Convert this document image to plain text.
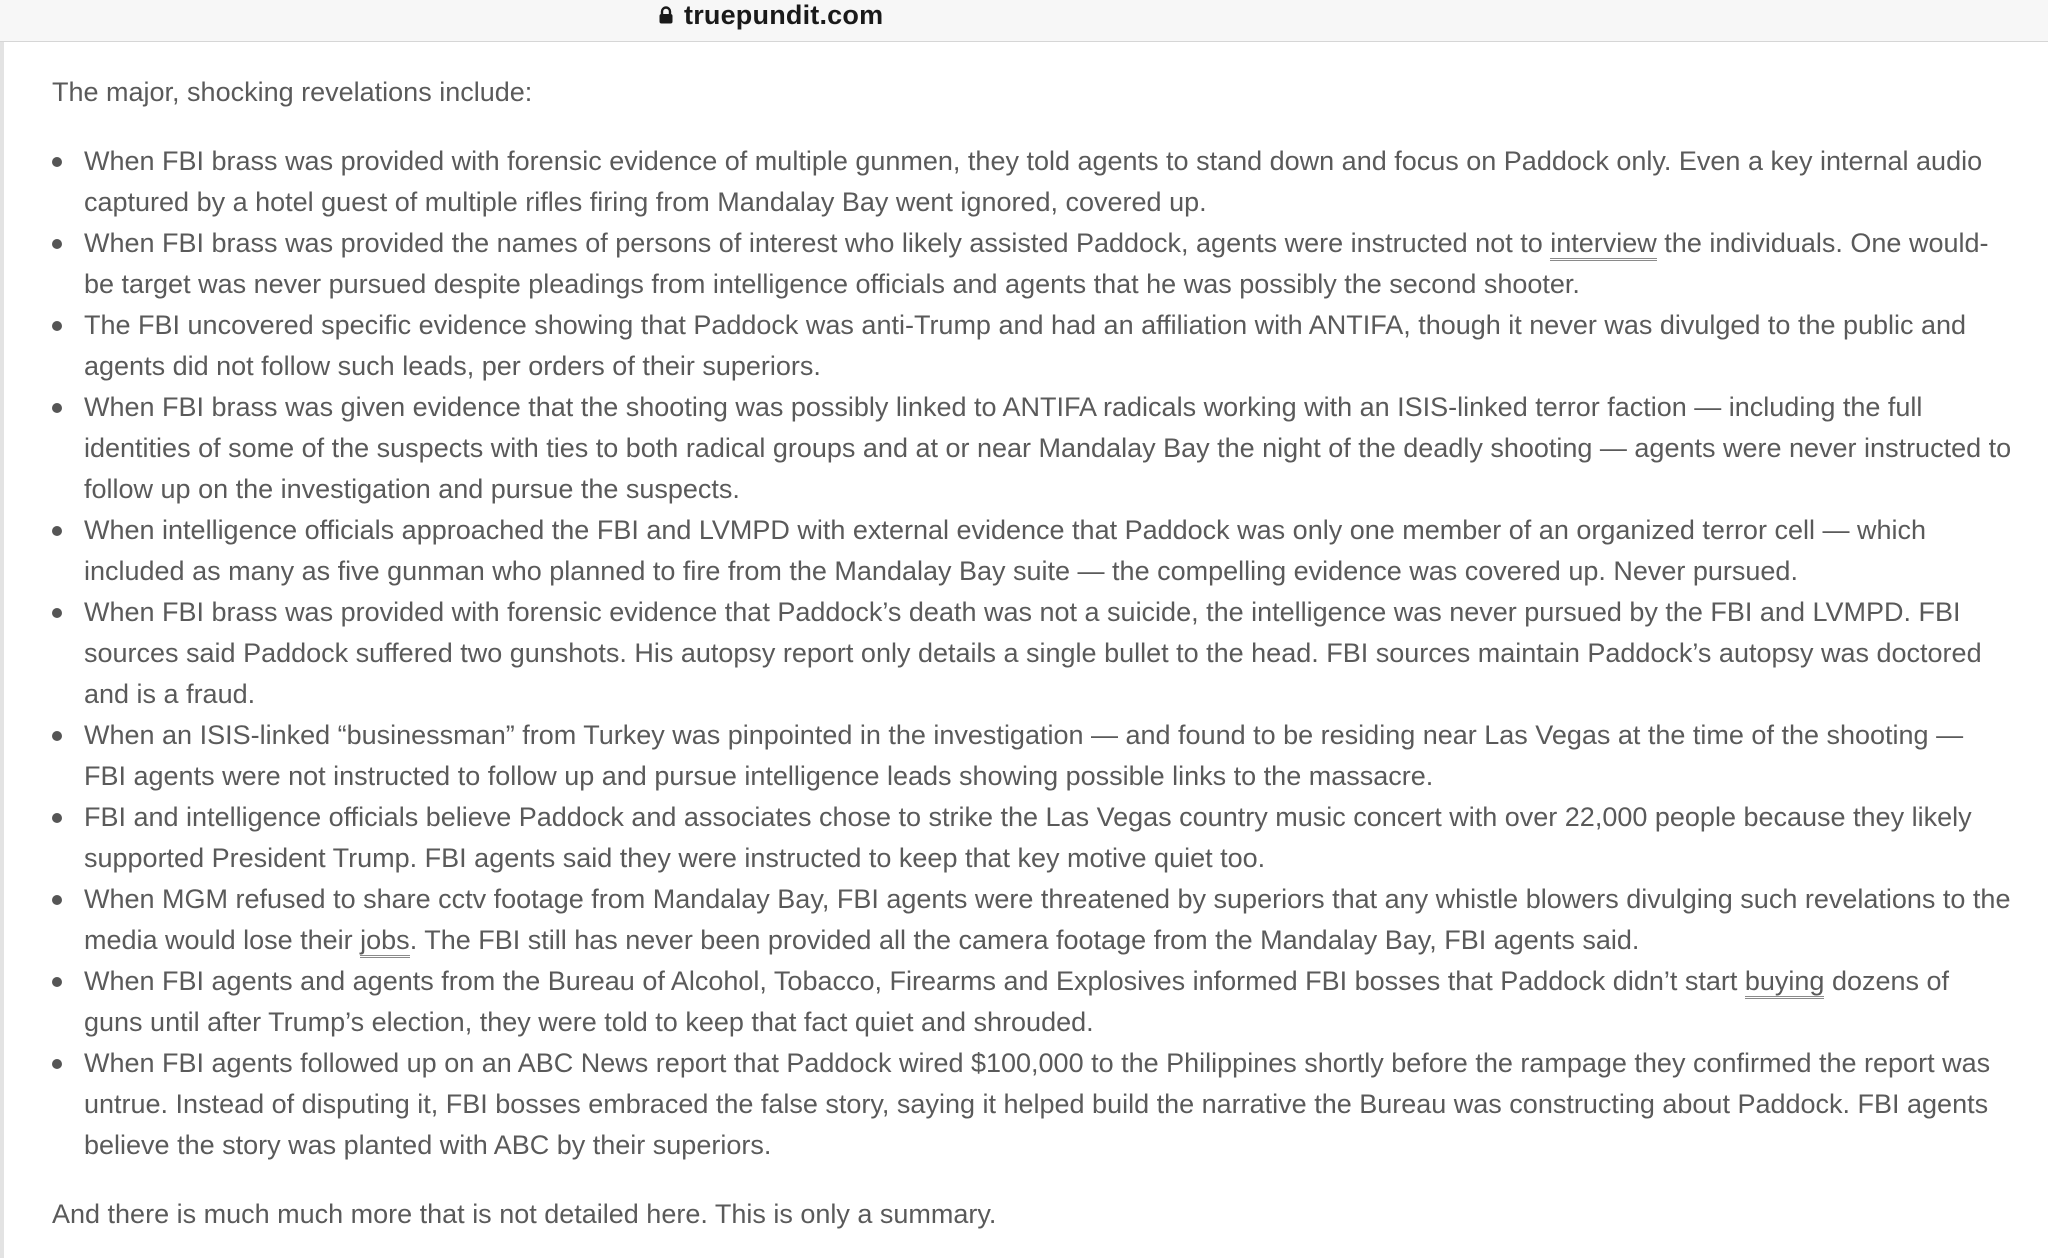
truepundit.com

The major, shocking revelations include:

When FBI brass was provided with forensic evidence of multiple gunmen, they told agents to stand down and focus on Paddock only. Even a key internal audio captured by a hotel guest of multiple rifles firing from Mandalay Bay went ignored, covered up.
When FBI brass was provided the names of persons of interest who likely assisted Paddock, agents were instructed not to interview the individuals. One would-be target was never pursued despite pleadings from intelligence officials and agents that he was possibly the second shooter.
The FBI uncovered specific evidence showing that Paddock was anti-Trump and had an affiliation with ANTIFA, though it never was divulged to the public and agents did not follow such leads, per orders of their superiors.
When FBI brass was given evidence that the shooting was possibly linked to ANTIFA radicals working with an ISIS-linked terror faction — including the full identities of some of the suspects with ties to both radical groups and at or near Mandalay Bay the night of the deadly shooting — agents were never instructed to follow up on the investigation and pursue the suspects.
When intelligence officials approached the FBI and LVMPD with external evidence that Paddock was only one member of an organized terror cell — which included as many as five gunman who planned to fire from the Mandalay Bay suite — the compelling evidence was covered up. Never pursued.
When FBI brass was provided with forensic evidence that Paddock’s death was not a suicide, the intelligence was never pursued by the FBI and LVMPD. FBI sources said Paddock suffered two gunshots. His autopsy report only details a single bullet to the head. FBI sources maintain Paddock’s autopsy was doctored and is a fraud.
When an ISIS-linked “businessman” from Turkey was pinpointed in the investigation — and found to be residing near Las Vegas at the time of the shooting — FBI agents were not instructed to follow up and pursue intelligence leads showing possible links to the massacre.
FBI and intelligence officials believe Paddock and associates chose to strike the Las Vegas country music concert with over 22,000 people because they likely supported President Trump. FBI agents said they were instructed to keep that key motive quiet too.
When MGM refused to share cctv footage from Mandalay Bay, FBI agents were threatened by superiors that any whistle blowers divulging such revelations to the media would lose their jobs. The FBI still has never been provided all the camera footage from the Mandalay Bay, FBI agents said.
When FBI agents and agents from the Bureau of Alcohol, Tobacco, Firearms and Explosives informed FBI bosses that Paddock didn’t start buying dozens of guns until after Trump’s election, they were told to keep that fact quiet and shrouded.
When FBI agents followed up on an ABC News report that Paddock wired $100,000 to the Philippines shortly before the rampage they confirmed the report was untrue. Instead of disputing it, FBI bosses embraced the false story, saying it helped build the narrative the Bureau was constructing about Paddock. FBI agents believe the story was planted with ABC by their superiors.

And there is much much more that is not detailed here. This is only a summary.
